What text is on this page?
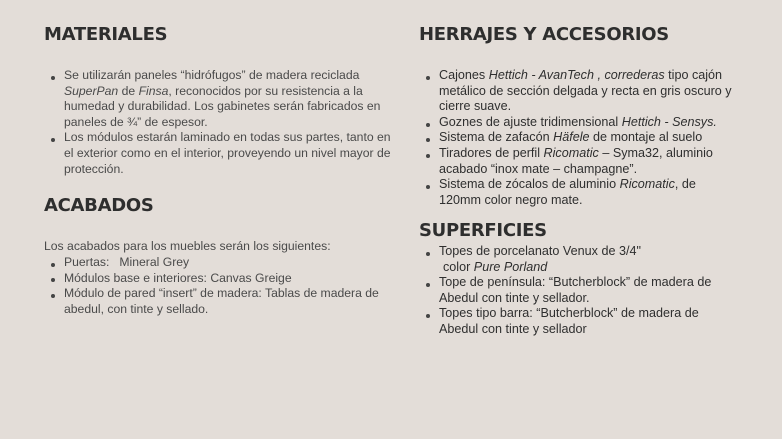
MATERIALES
Se utilizarán paneles “hidrófugos” de madera reciclada SuperPan de Finsa, reconocidos por su resistencia a la humedad y durabilidad. Los gabinetes serán fabricados en paneles de ¾” de espesor.
Los módulos estarán laminado en todas sus partes, tanto en el exterior como en el interior, proveyendo un nivel mayor de protección.
ACABADOS

Los acabados para los muebles serán los siguientes:

Puertas: Mineral Grey
Módulos base e interiores: Canvas Greige
Módulo de pared “insert” de madera: Tablas de madera de abedul, con tinte y sellado.
HERRAJES Y ACCESORIOS
Cajones Hettich - AvanTech , correderas tipo cajón metálico de sección delgada y recta en gris oscuro y cierre suave.
Goznes de ajuste tridimensional Hettich - Sensys.
Sistema de zafacón Häfele de montaje al suelo
Tiradores de perfil Ricomatic – Syma32, aluminio acabado “inox mate – champagne”.
Sistema de zócalos de aluminio Ricomatic, de 120mm color negro mate.
SUPERFICIES
Topes de porcelanato Venux de 3/4"
color Pure Porland
Tope de península: “Butcherblock” de madera de Abedul con tinte y sellador.
Topes tipo barra: “Butcherblock” de madera de Abedul con tinte y sellador
